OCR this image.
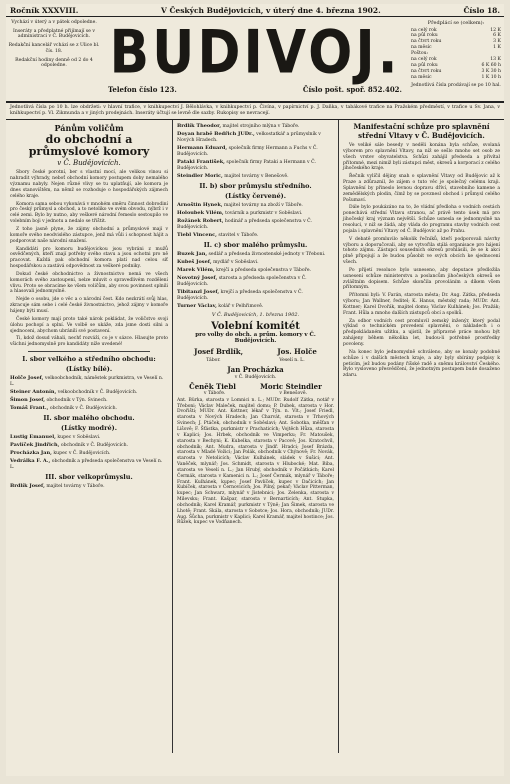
Ročník XXXVIII.	V Českých Budějovicích, v úterý dne 4. března 1902.	Číslo 18.
Vychází v úterý a v pátek odpoledne.
Inseráty a předplatné přijímají se v administraci v Č. Budějovicích.
Redakční kancelář vchází se z Ulice bl. čís. 18.
Redakční hodiny denně od 2 do 4 odpoledne. BUDIVOJ.
Telefon číslo 123.	Číslo pošt. spoř. 852.402.
Předplácí se (celkem):
na celý rok	12 K
na půl roku	6 K
na čtvrt roku	3 K
na měsíc	1 K
Poštou:
na celý rok	13 K
na půl roku	6 K 60 h
na čtvrt roku	3 K 30 h
na měsíc	1 K 10 h
Jednotlivá čísla prodávají se po 10 hal.
Jednotlivá čísla po 10 h. lze obdržeti: v hlavní trafice, v knihkupectví J. Bělohlávka, v knihkupectví p. Čivína, v papírnictví p. J. Daňka, v tabákové trafice na Pražském předměstí, v trafice u Sv. Jana, v knihkupectví p. Vl. Zikmunda a v jiných prodejnách. Inseráty účtují se levně dle sazby. Rukopisy se nevracejí.
Pánům voličům
do obchodní a průmyslové komory
v Č. Budějovicích.

Sbory české porotní, ber s vlastní mocí, ale velikou vinou si nahradit výhrady, neboť obchodní komory postupem doby nemalého významu nabyly. Nejen různé vlivy se tu uplatňují, ale komora je dnes stanovištěm, na němž se rozhoduje o hospodářských zájmech celého kraje.

Komora sama sebou vykonává v mnohém směru činnost dobrodiní pro český průmysl a obchod, a to netoliko ve svém obvodu, nýbrž i v celé zemi. Bylo by nutno, aby veškeré národní řemeslo sestoupilo ve volebním boji v jednotu a nedalo se tříštit.

Z toho jasně plyne, že zájmy obchodní a průmyslové mají v komoře svého neodvislého zástupce, jenž má vůli i schopnost hájit a podporovat naše národní snažení.

Kandidáti pro komoru budějovickou jsou vybráni z mužů osvědčených, kteří znají potřeby svého stavu a jsou ochotni pro ně pracovat. Každá pak obchodní komora platí nad celou síť hospodářskou a zastává odpovědnost za veškeré podniky.

Dokud české obchodnictvo a živnostnictvo nemá ve všech komorách svého zastoupení, nelze mluvit o spravedlivém rozdělení vlivu. Proto se obracíme ke všem voličům, aby svou povinnost splnili a hlasovali jednomyslně.

Nejde o osobu, jde o věc a o národní čest. Kdo nezkrátí svůj hlas, zkracuje sám sebe i celé české živnostnictvo, jehož zájmy v komoře hájeny býti musí.

České komory mají proto také nárok pokládat, že voličstvo svoji úlohu pochopí a splní. Ve volbě se ukáže, zda jsme dosti silni a sjednoceni, abychom ubránili své postavení.

Ti, kdož dosud váhali, nechť rozváží, co je v sázce. Hlasujte proto všichni jednomyslně pro kandidáty níže uvedené!

I. sbor velkého a středního obchodu:
(Lístky bílé).
Holče Josef, velkoobchodník, náměstek purkmistra, ve Veselí n. L.
Steiner Antonín, velkoobchodník v Č. Budějovicích.
Šimon Josef, obchodník v Týn. Svinech.
Tomáš Frant., obchodník v Č. Budějovicích.
II. sbor malého obchodu.
(Lístky modré).
Lustig Emanuel, kupec v Soběslavi.
Pavlíček Jindřich, obchodník v Č. Budějovicích.
Procházka Jan, kupec v Č. Budějovicích.
Vedrálka F. A., obchodník a předseda společenstva ve Veselí n. L.
III. sbor velkoprůmyslu.
Brdlík Josef, majitel továrny v Táboře.
Brdlík Theodor, majitel strojního mlýna v Táboře.
Doyan hrabě Bedřich JUDr., velkostatkář a průmyslník v Nových Hradech.
Hermann Eduard, společník firmy Hermann a Fuchs v Č. Budějovicích.
Pataki František, společník firmy Pataki a Hermann v Č. Budějovicích.
Steindler Moric, majitel továrny v Benešově.
II. b) sbor průmyslu středního.
(Lístky červené).
Arnoštin Hynek, majitel továrny na zboží v Táboře.
Holoubek Vilém, továrník a purkmistr v Soběslavi.
Rožánek Robert, hodinář a předseda společenstva v Č. Budějovicích.
Tiebl Vincenc, stavitel v Táboře.
II. c) sbor malého průmyslu.
Buzek Jan, sedlář a předseda živnostenské jednoty v Třeboni.
Kubeš Josef, mydlář v Soběslavi.
Marek Vilém, krejčí a předseda společenstva v Táboře.
Novotný Josef, starosta a předseda společenstva v Č. Budějovicích.
Tibitanzl Josef, krejčí a předseda společenstva v Č. Budějovicích.
Turner Václav, kolář v Pelhřimově.
V Č. Budějovicích, 1. března 1902.
Volební komitét
pro volby do obch. a prům. komory v Č. Budějovicích.
Josef Brdlík,	Jos. Holče
Tábor.	Veselí n. L.
Jan Procházka
v Č. Budějovicích.
Čeněk Tiebl	Moric Steindler
v Táboře.	v Benešově.

Ant. Bürka, starosta v Lomnici n. L.; MUDr. Rudolf Zátka, notář v Třeboni; Václav Maleček, majitel domu; P. Dubek, starosta v Hor. Dvořišti; MUDr. Ant. Kottner, lékař v Týn. n. Vlt.; Josef Friedl, starosta v Nových Hradech; Jan Charvát, starosta v Trhových Svinech; J. Ptáček, obchodník v Soběslavi; Ant. Sobotka, měšťan v Lišově; F. Šťástka, purkmistr v Prachaticích; Vojtěch Hůza, starosta v Kaplici; Jos. Hrbek, obchodník ve Vimperku; Fr. Matoušek, starosta v Bechyni; K. Kubelka, starosta v Pacově; Jos. Kratochvíl, obchodník; Ant. Mudra, starosta v Jindř. Hradci; Josef Brázda, starosta v Mladé Vožici; Jan Polák, obchodník v Chýnově; Fr. Novák, starosta v Netolicích; Václav Kulhánek, sládek v Sušici; Ant. Vaněček, mlynář; Jos. Schmidt, starosta v Hlubocké; Mat. Biba, starosta ve Veselí n. L.; Jan Hrubý, obchodník v Počátkách; Karel Čermák, starosta v Kamenici n. L.; Josef Čermák, mlynář v Táboře; Frant. Kulhánek, kupec; Josef Pavlíček, kupec v Dačicích; Jan Kubíček, starosta v Černovicích; Jos. Pilný, pekař; Václav Pitterman, kupec; Jan Schwarz, mlynář v Jistebnici; Jos. Zelenka, starosta v Milevsku; Frant. Kašpar, starosta v Bernarticích; Ant. Stupka, obchodník; Karel Kramář, purkmistr v Týně; Jan Šimek, starosta ve Lhotě; Frant. Skála, starosta v Sobotce; Jos. Hora, obchodník; JUDr. Aug. Šůcha, purkmistr v Kaplici; Karel Kramář, majitel hostince; Jos. Růžek, kupec ve Vodňanech.

Manifestační schůze pro splavnění střední Vltavy v Č. Budějovicích.

Ve veliké sále besedy v neděli konána byla schůze, svolaná výborem pro splavnění Vltavy, na níž se sešlo mnoho set osob ze všech vrstev obyvatelstva. Schůzi zahájil předseda a přivítal přítomné, mezi nimiž byli zástupci měst, okresů a korporací z celého jihočeského kraje.

Řečník vylíčil dějiny snah o splavnění Vltavy od Budějovic až k Praze a zdůraznil, že zájem o tuto věc je společný celému kraji. Splavnění by přineslo levnou dopravu dříví, stavebního kamene a zemědělských plodin, čímž by se povznesl obchod i průmysl celého Pošumaví.

Dále bylo poukázáno na to, že vládní předloha o vodních cestách ponechává střední Vltavu stranou, ač právě tento úsek má pro jihočeský kraj význam největší. Schůze usnesla se jednomyslně na resoluci, v níž se žádá, aby vláda do programu stavby vodních cest pojala i splavnění Vltavy od Č. Budějovic až po Prahu.

V debatě promluvilo několik řečníků, kteří podporovali návrhy výboru a doporučovali, aby se vytvořila stálá organisace pro hájení tohoto zájmu. Zástupci sousedních okresů prohlásili, že se k akci plně připojují a že budou působit ve svých obcích ke sjednocení všech.

Po přijetí resoluce bylo usneseno, aby deputace předložila usnesení schůze ministerstvu a poslancům jihočeských okresů se zvláštním dopisem. Schůze skončila provoláním a díkem všem přítomným.

Přítomni byli: V. Farán, starosta města; Dr. Aug. Zátka, předseda výboru; Jan Wallner, ředitel; K. Hanus, městský rada; MUDr. Ant. Kottner; Karel Dvořák, majitel domu; Václav Kulhánek; Jos. Pražák; Frant. Hůla a mnoho dalších zástupců obcí a spolků.

Za odbor vodních cest promluvil zemský inženýr, který podal výklad o technickém provedení splavnění, o nákladech i o předpokládaném užitku, a ujistil, že přípravné práce mohou být zahájeny během několika let, budou-li potřebné prostředky povoleny.

Na konec bylo jednomyslně schváleno, aby se konaly podobné schůze i v dalších městech kraje, a aby byly sbírány podpisy k peticím, jež budou podány říšské radě a sněmu království Českého. Bylo vysloveno přesvědčení, že jednotným postupem bude dosaženo zdaru.
